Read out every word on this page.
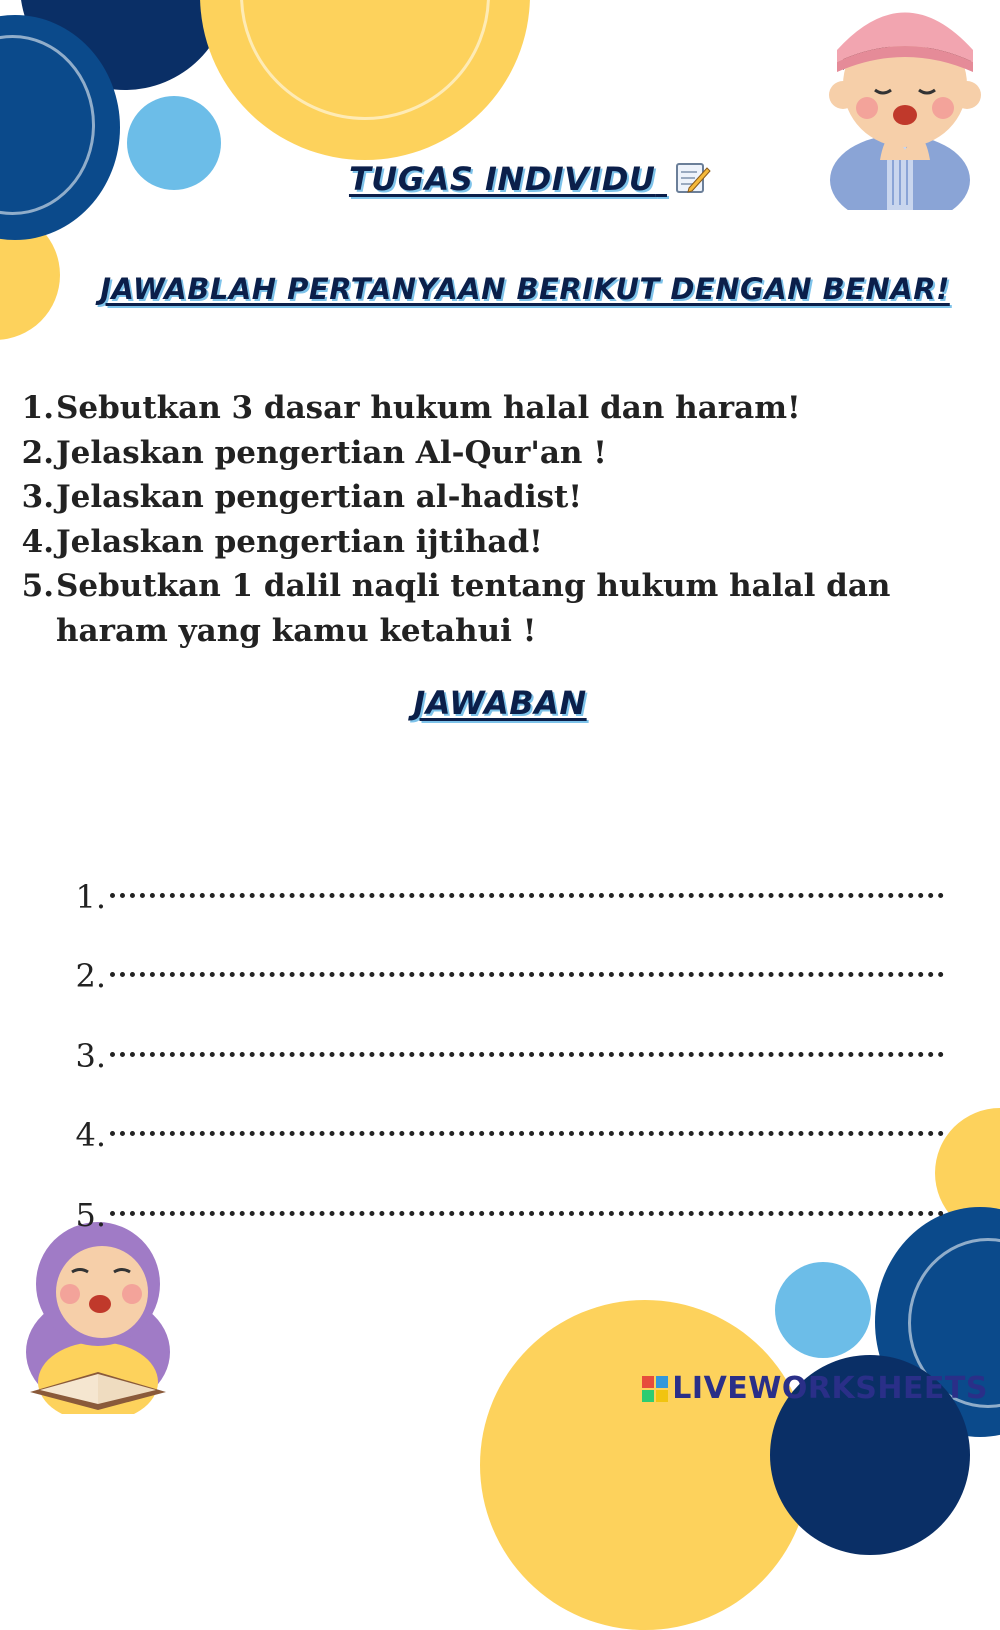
TUGAS INDIVIDU
JAWABLAH PERTANYAAN BERIKUT DENGAN BENAR!
1. Sebutkan 3 dasar hukum halal dan haram!
2. Jelaskan pengertian Al-Qur'an !
3. Jelaskan pengertian al-hadist!
4. Jelaskan pengertian ijtihad!
5. Sebutkan 1 dalil naqli tentang hukum halal dan haram yang kamu ketahui !
JAWABAN
1.
2.
3.
4.
5.
LIVEWORKSHEETS
